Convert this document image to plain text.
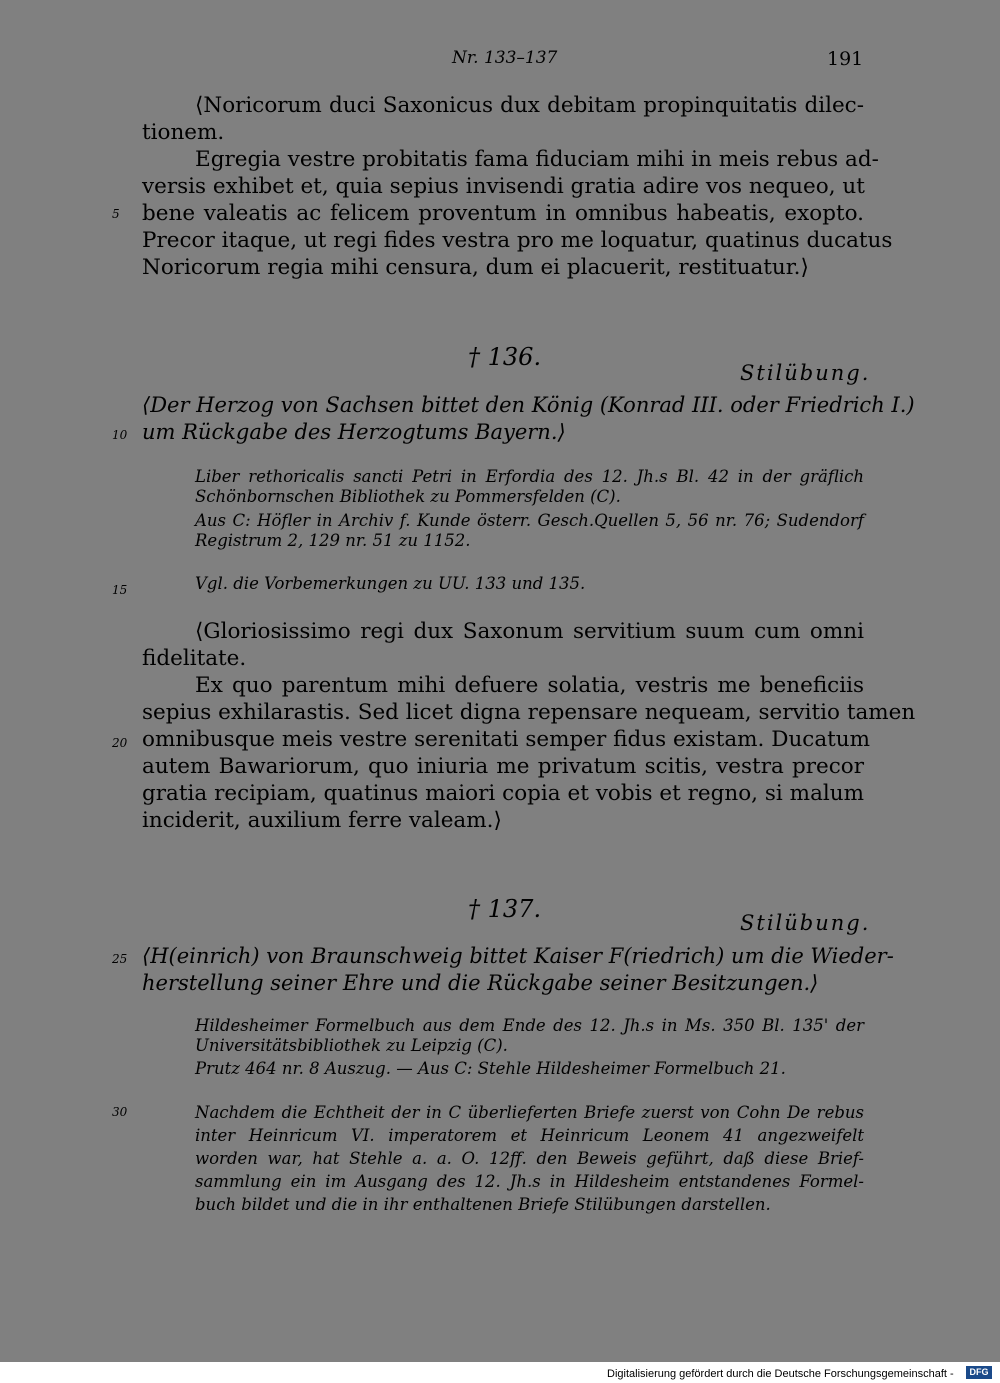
Nr. 133–137	191
⟨Noricorum duci Saxonicus dux debitam propinquitatis dilec-
tionem.
Egregia vestre probitatis fama fiduciam mihi in meis rebus ad-
versis exhibet et, quia sepius invisendi gratia adire vos nequeo, ut
bene valeatis ac felicem proventum in omnibus habeatis, exopto.
Precor itaque, ut regi fides vestra pro me loquatur, quatinus ducatus
Noricorum regia mihi censura, dum ei placuerit, restituatur.⟩
† 136.
Stilübung.
⟨Der Herzog von Sachsen bittet den König (Konrad III. oder Friedrich I.)
um Rückgabe des Herzogtums Bayern.⟩
Liber rethoricalis sancti Petri in Erfordia des 12. Jh.s Bl. 42 in der gräflich
Schönbornschen Bibliothek zu Pommersfelden (C).
Aus C: Höfler in Archiv f. Kunde österr. Gesch.Quellen 5, 56 nr. 76; Sudendorf
Registrum 2, 129 nr. 51 zu 1152.
Vgl. die Vorbemerkungen zu UU. 133 und 135.
⟨Gloriosissimo regi dux Saxonum servitium suum cum omni
fidelitate.
Ex quo parentum mihi defuere solatia, vestris me beneficiis
sepius exhilarastis. Sed licet digna repensare nequeam, servitio tamen
omnibusque meis vestre serenitati semper fidus existam. Ducatum
autem Bawariorum, quo iniuria me privatum scitis, vestra precor
gratia recipiam, quatinus maiori copia et vobis et regno, si malum
inciderit, auxilium ferre valeam.⟩
† 137.	Stilübung.
⟨H(einrich) von Braunschweig bittet Kaiser F(riedrich) um die Wieder-
herstellung seiner Ehre und die Rückgabe seiner Besitzungen.⟩
Hildesheimer Formelbuch aus dem Ende des 12. Jh.s in Ms. 350 Bl. 135' der
Universitätsbibliothek zu Leipzig (C).
Prutz 464 nr. 8 Auszug. — Aus C: Stehle Hildesheimer Formelbuch 21.
Nachdem die Echtheit der in C überlieferten Briefe zuerst von Cohn De rebus
inter Heinricum VI. imperatorem et Heinricum Leonem 41 angezweifelt
worden war, hat Stehle a. a. O. 12ff. den Beweis geführt, daß diese Brief-
sammlung ein im Ausgang des 12. Jh.s in Hildesheim entstandenes Formel-
buch bildet und die in ihr enthaltenen Briefe Stilübungen darstellen.
5
10
15
20
25
30
Digitalisierung gefördert durch die Deutsche Forschungsgemeinschaft -	DFG
